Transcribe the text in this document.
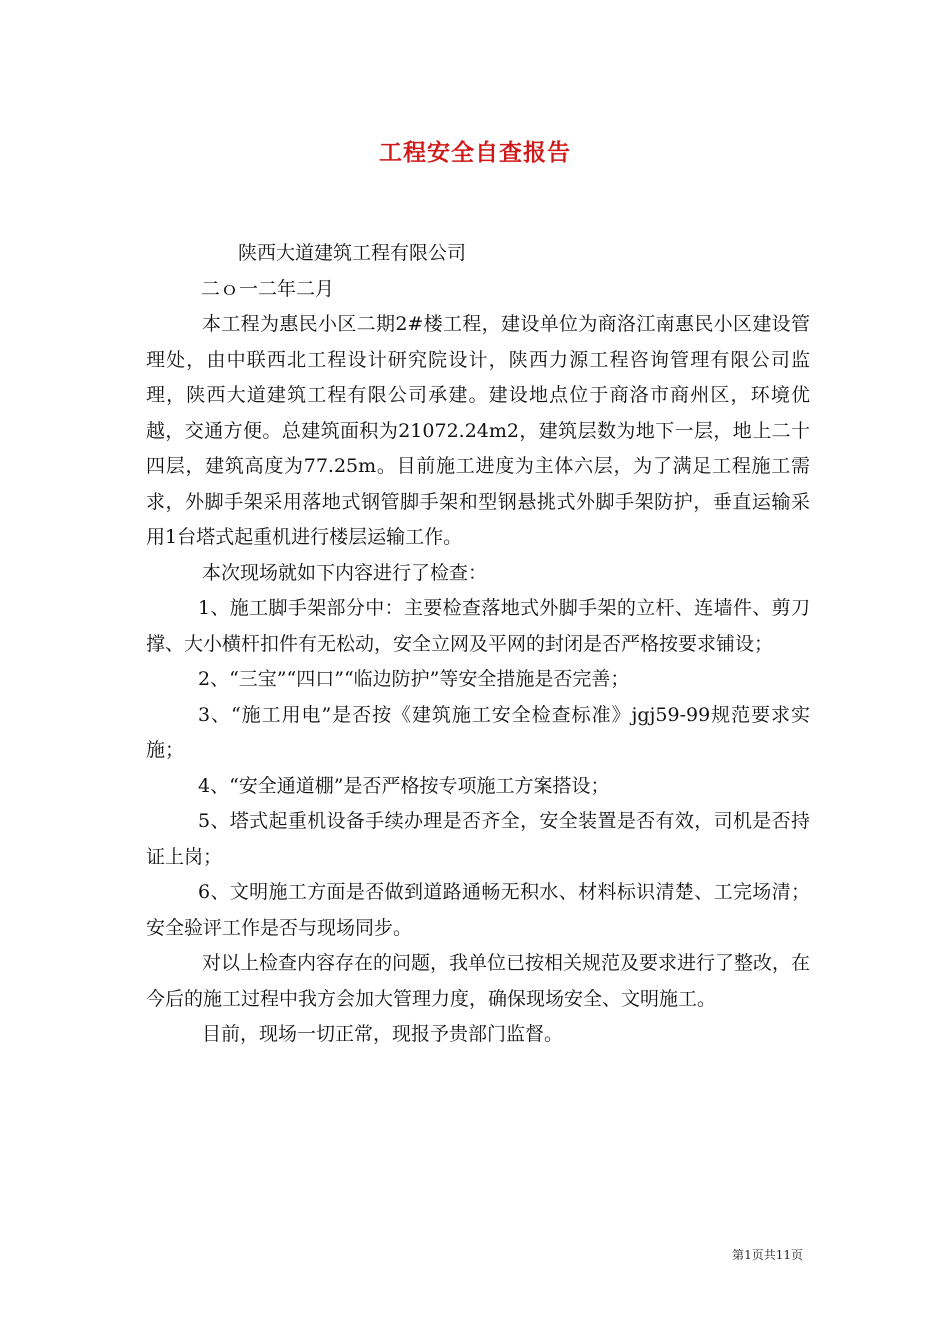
工程安全自查报告

陕西大道建筑工程有限公司

二ｏ一二年二月

本工程为惠民小区二期2#楼工程，建设单位为商洛江南惠民小区建设管理处，由中联西北工程设计研究院设计，陕西力源工程咨询管理有限公司监理，陕西大道建筑工程有限公司承建。建设地点位于商洛市商州区，环境优越，交通方便。总建筑面积为21072.24m2，建筑层数为地下一层，地上二十四层，建筑高度为77.25m。目前施工进度为主体六层，为了满足工程施工需求，外脚手架采用落地式钢管脚手架和型钢悬挑式外脚手架防护，垂直运输采用1台塔式起重机进行楼层运输工作。

本次现场就如下内容进行了检查：

1、施工脚手架部分中：主要检查落地式外脚手架的立杆、连墙件、剪刀撑、大小横杆扣件有无松动，安全立网及平网的封闭是否严格按要求铺设；

2、“三宝”“四口”“临边防护”等安全措施是否完善；

3、“施工用电”是否按《建筑施工安全检查标准》jgj59-99规范要求实施；

4、“安全通道棚”是否严格按专项施工方案搭设；

5、塔式起重机设备手续办理是否齐全，安全装置是否有效，司机是否持证上岗；

6、文明施工方面是否做到道路通畅无积水、材料标识清楚、工完场清；安全验评工作是否与现场同步。

对以上检查内容存在的问题，我单位已按相关规范及要求进行了整改，在今后的施工过程中我方会加大管理力度，确保现场安全、文明施工。

目前，现场一切正常，现报予贵部门监督。

第1页共11页
